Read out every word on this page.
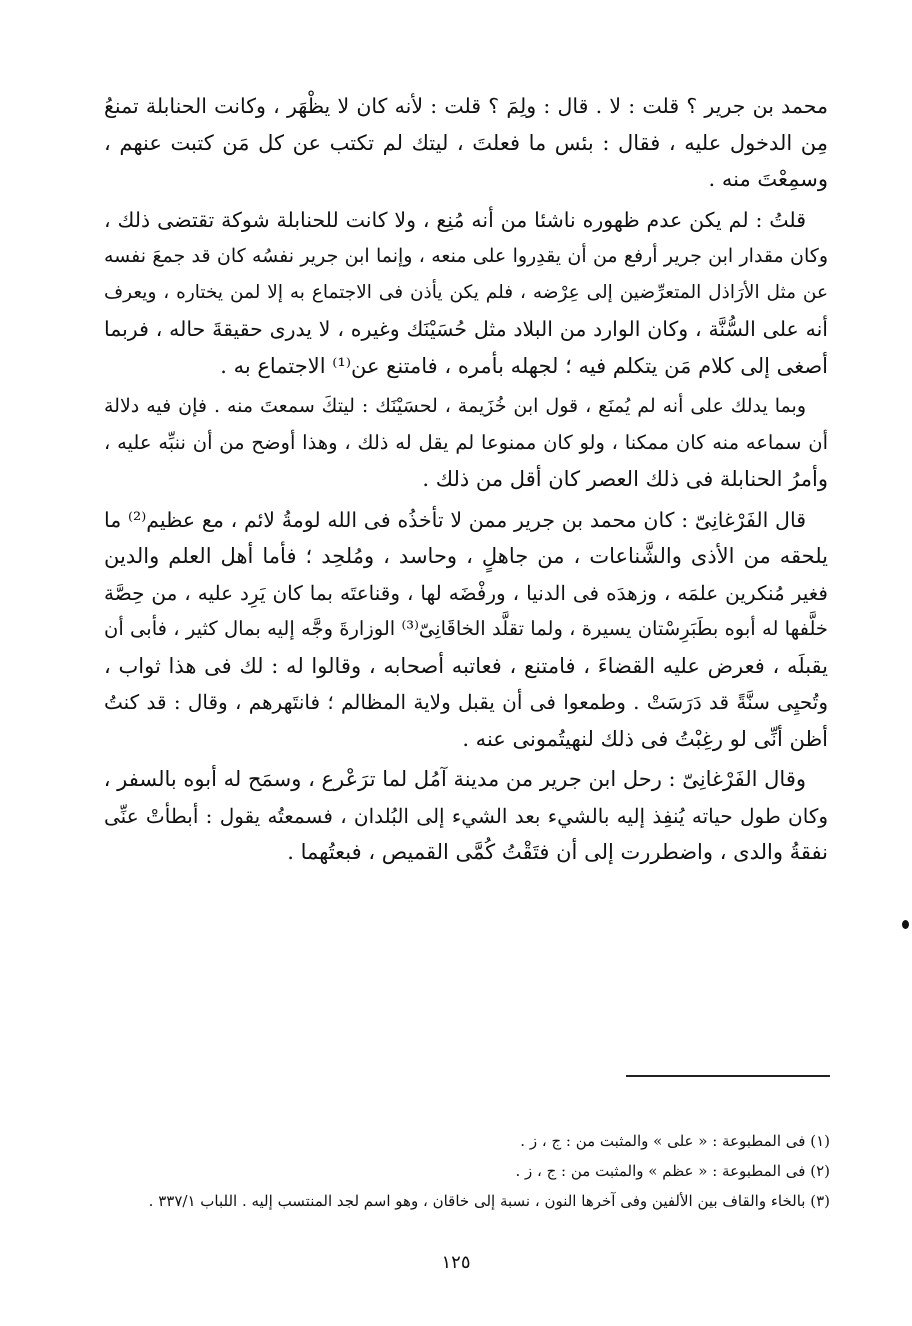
محمد بن جرير ؟ قلت : لا . قال : ولِمَ ؟ قلت : لأنه كان لا يظْهَر ، وكانت الحنابلة تمنعُ
مِن الدخول عليه ، فقال : بئس ما فعلتَ ، ليتك لم تكتب عن كل مَن كتبت عنهم ،
وسمِعْتَ منه .
قلتُ : لم يكن عدم ظهوره ناشئا من أنه مُنِع ، ولا كانت للحنابلة شوكة تقتضى ذلك ،
وكان مقدار ابن جرير أرفع من أن يقدِروا على منعه ، وإنما ابن جرير نفسُه كان قد جمعَ نفسه
عن مثل الأرَاذل المتعرِّضين إلى عِرْضه ، فلم يكن يأذن فى الاجتماع به إلا لمن يختاره ، ويعرف
أنه على السُّنَّة ، وكان الوارد من البلاد مثل حُسَيْنَك وغيره ، لا يدرى حقيقةَ حاله ، فربما
أصغى إلى كلام مَن يتكلم فيه ؛ لجهله بأمره ، فامتنع عن⁽¹⁾ الاجتماع به .
وبما يدلك على أنه لم يُمنَع ، قول ابن خُزَيمة ، لحسَيْنَك : ليتكَ سمعتَ منه . فإن فيه دلالة
أن سماعه منه كان ممكنا ، ولو كان ممنوعا لم يقل له ذلك ، وهذا أوضح من أن ننبِّه عليه ،
وأمرُ الحنابلة فى ذلك العصر كان أقل من ذلك .
قال الفَرْغانِىّ : كان محمد بن جرير ممن لا تأخذُه فى الله لومةُ لائم ، مع عظيم⁽²⁾ ما
يلحقه من الأذى والشَّناعات ، من جاهلٍ ، وحاسد ، ومُلحِد ؛ فأما أهل العلم والدين
فغير مُنكرين علمَه ، وزهدَه فى الدنيا ، ورفْضَه لها ، وقناعتَه بما كان يَرِد عليه ، من حِصَّة
خلَّفها له أبوه بطَبَرِسْتان يسيرة ، ولما تقلَّد الخاقَانِىّ⁽³⁾ الوزارةَ وجَّه إليه بمال كثير ، فأبى أن
يقبلَه ، فعرض عليه القضاءَ ، فامتنع ، فعاتبه أصحابه ، وقالوا له : لك فى هذا ثواب ،
وتُحيِى سنَّةً قد دَرَسَتْ . وطمعوا فى أن يقبل ولاية المظالم ؛ فانتَهرهم ، وقال : قد كنتُ
أظن أنِّى لو رغِبْتُ فى ذلك لنهيتُمونى عنه .
وقال الفَرْغانِىّ : رحل ابن جرير من مدينة آمُل لما ترَعْرع ، وسمَح له أبوه بالسفر ،
وكان طول حياته يُنفِذ إليه بالشيء بعد الشيء إلى البُلدان ، فسمعتُه يقول : أبطأتْ عنِّى
نفقةُ والدى ، واضطررت إلى أن فتَقْتُ كُمَّى القميص ، فبعتُهما .
(١) فى المطبوعة : « على » والمثبت من : ج ، ز .
(٢) فى المطبوعة : « عظم » والمثبت من : ج ، ز .
(٣) بالخاء والقاف بين الألفين وفى آخرها النون ، نسبة إلى خاقان ، وهو اسم لجد المنتسب إليه . اللباب ٣٣٧/١ .
١٢٥
